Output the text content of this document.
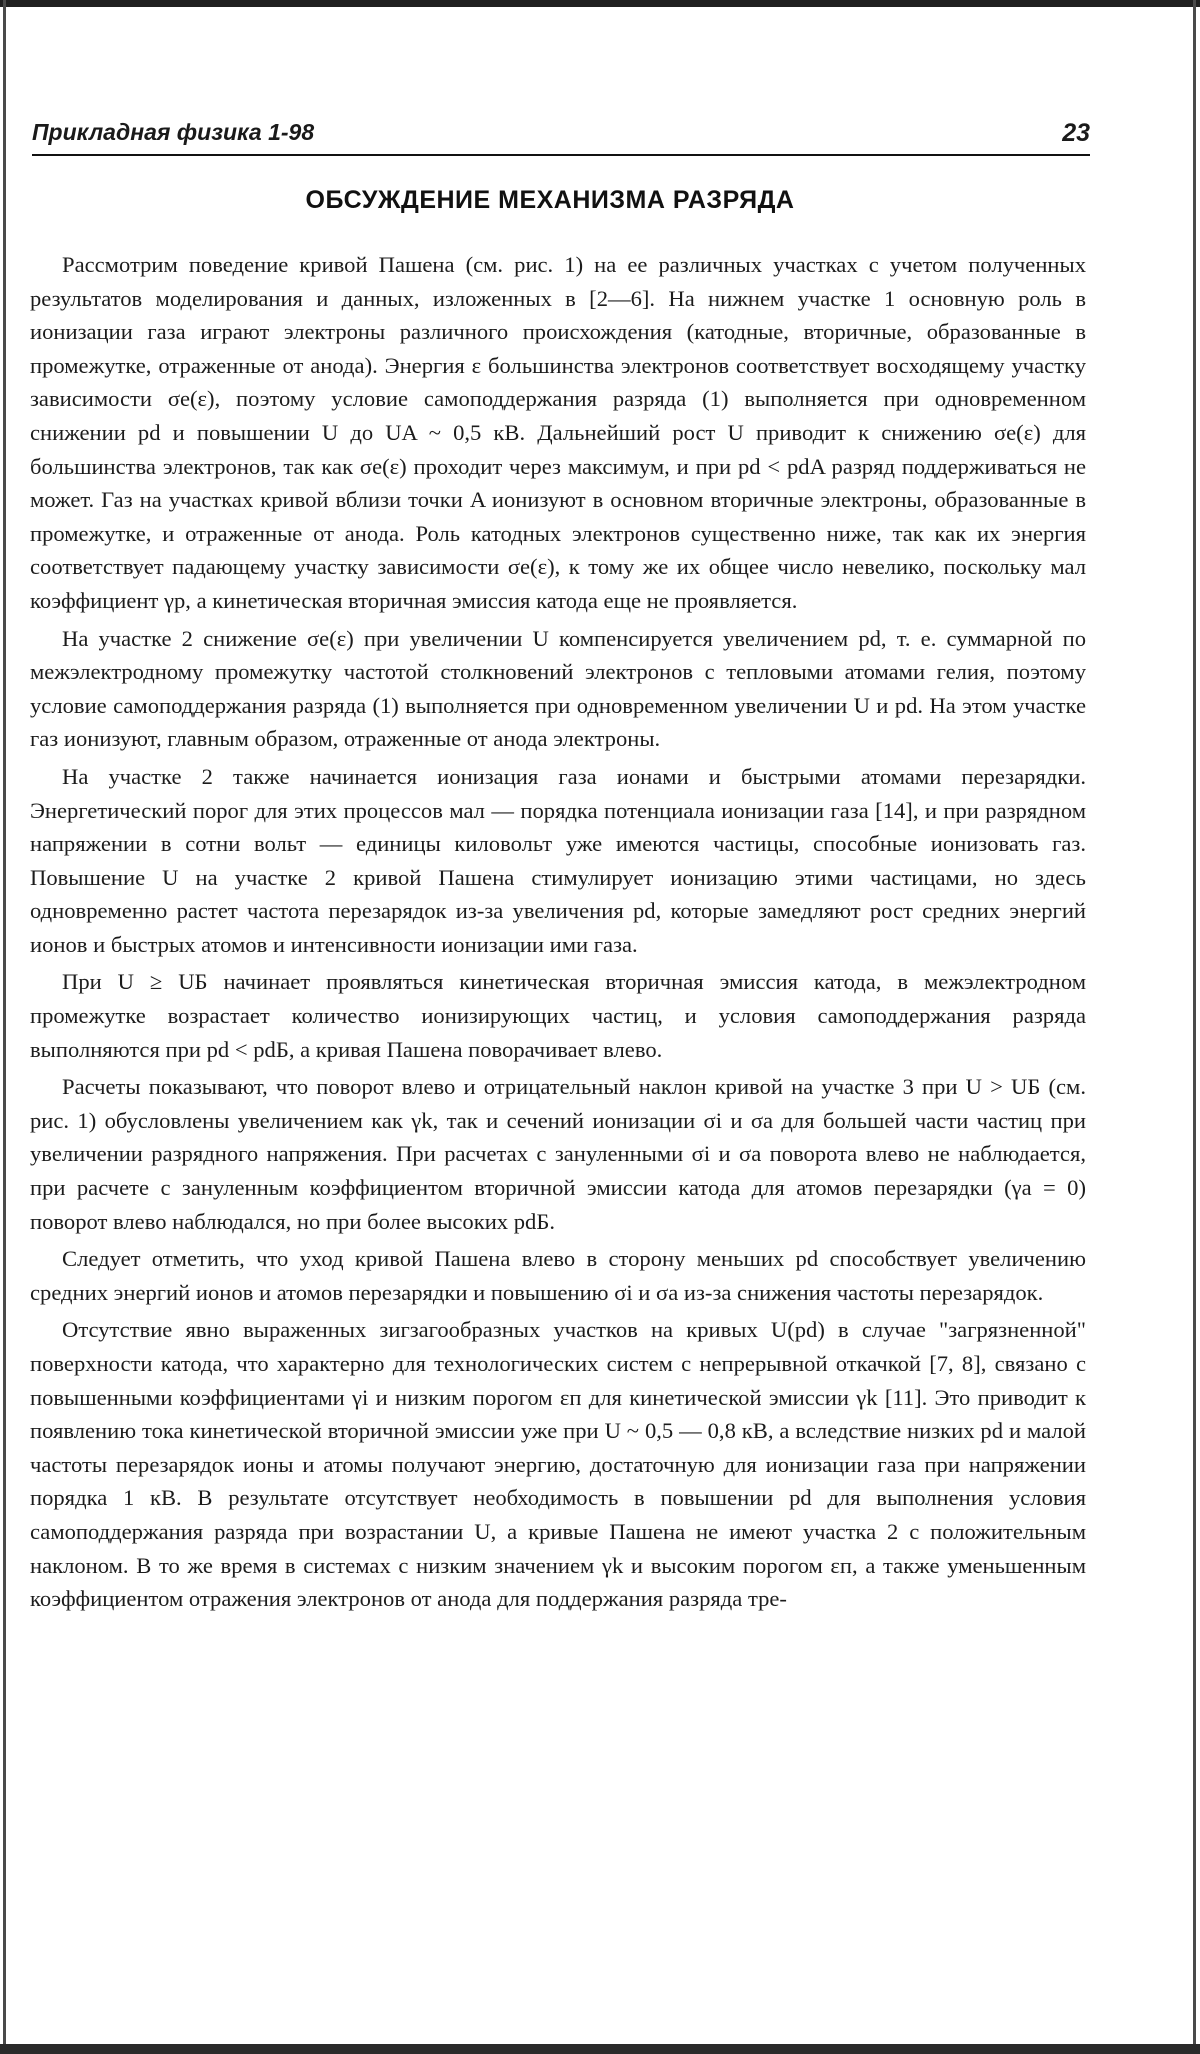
Прикладная физика 1-98	23
ОБСУЖДЕНИЕ МЕХАНИЗМА РАЗРЯДА

Рассмотрим поведение кривой Пашена (см. рис. 1) на ее различных участках с учетом полученных результатов моделирования и данных, изложенных в [2—6]. На нижнем участке 1 основную роль в ионизации газа играют электроны различного происхождения (катодные, вторичные, образованные в промежутке, отраженные от анода). Энергия ε большинства электронов соответствует восходящему участку зависимости σe(ε), поэтому условие самоподдержания разряда (1) выполняется при одновременном снижении pd и повышении U до UA ~ 0,5 кВ. Дальнейший рост U приводит к снижению σe(ε) для большинства электронов, так как σe(ε) проходит через максимум, и при pd < pdA разряд поддерживаться не может. Газ на участках кривой вблизи точки A ионизуют в основном вторичные электроны, образованные в промежутке, и отраженные от анода. Роль катодных электронов существенно ниже, так как их энергия соответствует падающему участку зависимости σe(ε), к тому же их общее число невелико, поскольку мал коэффициент γp, а кинетическая вторичная эмиссия катода еще не проявляется.

На участке 2 снижение σe(ε) при увеличении U компенсируется увеличением pd, т. е. суммарной по межэлектродному промежутку частотой столкновений электронов с тепловыми атомами гелия, поэтому условие самоподдержания разряда (1) выполняется при одновременном увеличении U и pd. На этом участке газ ионизуют, главным образом, отраженные от анода электроны.

На участке 2 также начинается ионизация газа ионами и быстрыми атомами перезарядки. Энергетический порог для этих процессов мал — порядка потенциала ионизации газа [14], и при разрядном напряжении в сотни вольт — единицы киловольт уже имеются частицы, способные ионизовать газ. Повышение U на участке 2 кривой Пашена стимулирует ионизацию этими частицами, но здесь одновременно растет частота перезарядок из-за увеличения pd, которые замедляют рост средних энергий ионов и быстрых атомов и интенсивности ионизации ими газа.

При U ≥ UБ начинает проявляться кинетическая вторичная эмиссия катода, в межэлектродном промежутке возрастает количество ионизирующих частиц, и условия самоподдержания разряда выполняются при pd < pdБ, а кривая Пашена поворачивает влево.

Расчеты показывают, что поворот влево и отрицательный наклон кривой на участке 3 при U > UБ (см. рис. 1) обусловлены увеличением как γk, так и сечений ионизации σi и σa для большей части частиц при увеличении разрядного напряжения. При расчетах с зануленными σi и σa поворота влево не наблюдается, при расчете с зануленным коэффициентом вторичной эмиссии катода для атомов перезарядки (γa = 0) поворот влево наблюдался, но при более высоких pdБ.

Следует отметить, что уход кривой Пашена влево в сторону меньших pd способствует увеличению средних энергий ионов и атомов перезарядки и повышению σi и σa из-за снижения частоты перезарядок.

Отсутствие явно выраженных зигзагообразных участков на кривых U(pd) в случае "загрязненной" поверхности катода, что характерно для технологических систем с непрерывной откачкой [7, 8], связано с повышенными коэффициентами γi и низким порогом εп для кинетической эмиссии γk [11]. Это приводит к появлению тока кинетической вторичной эмиссии уже при U ~ 0,5 — 0,8 кВ, а вследствие низких pd и малой частоты перезарядок ионы и атомы получают энергию, достаточную для ионизации газа при напряжении порядка 1 кВ. В результате отсутствует необходимость в повышении pd для выполнения условия самоподдержания разряда при возрастании U, а кривые Пашена не имеют участка 2 с положительным наклоном. В то же время в системах с низким значением γk и высоким порогом εп, а также уменьшенным коэффициентом отражения электронов от анода для поддержания разряда тре-
